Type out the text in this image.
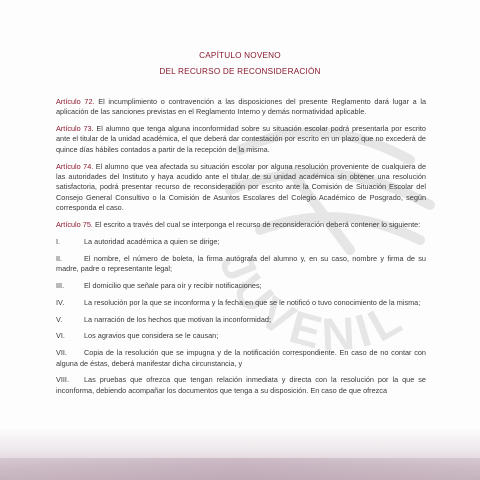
JUVENIL
CAPÍTULO NOVENO
DEL RECURSO DE RECONSIDERACIÓN

Artículo 72. El incumplimiento o contravención a las disposiciones del presente Reglamento dará lugar a la aplicación de las sanciones previstas en el Reglamento Interno y demás normatividad aplicable.

Artículo 73. El alumno que tenga alguna inconformidad sobre su situación escolar podrá presentarla por escrito ante el titular de la unidad académica, el que deberá dar contestación por escrito en un plazo que no excederá de quince días hábiles contados a partir de la recepción de la misma.

Artículo 74. El alumno que vea afectada su situación escolar por alguna resolución proveniente de cualquiera de las autoridades del Instituto y haya acudido ante el titular de su unidad académica sin obtener una resolución satisfactoria, podrá presentar recurso de reconsideración por escrito ante la Comisión de Situación Escolar del Consejo General Consultivo o la Comisión de Asuntos Escolares del Colegio Académico de Posgrado, según corresponda el caso.

Artículo 75. El escrito a través del cual se interponga el recurso de reconsideración deberá contener lo siguiente:

I.	La autoridad académica a quien se dirige;

II.	El nombre, el número de boleta, la firma autógrafa del alumno y, en su caso, nombre y firma de su madre, padre o representante legal;

III.	El domicilio que señale para oír y recibir notificaciones;

IV.	La resolución por la que se inconforma y la fecha en que se le notificó o tuvo conocimiento de la misma;

V.	La narración de los hechos que motivan la inconformidad;

VI.	Los agravios que considera se le causan;

VII. Copia de la resolución que se impugna y de la notificación correspondiente. En caso de no contar con alguna de éstas, deberá manifestar dicha circunstancia, y

VIII. Las pruebas que ofrezca que tengan relación inmediata y directa con la resolución por la que se inconforma, debiendo acompañar los documentos que tenga a su disposición. En caso de que ofrezca
